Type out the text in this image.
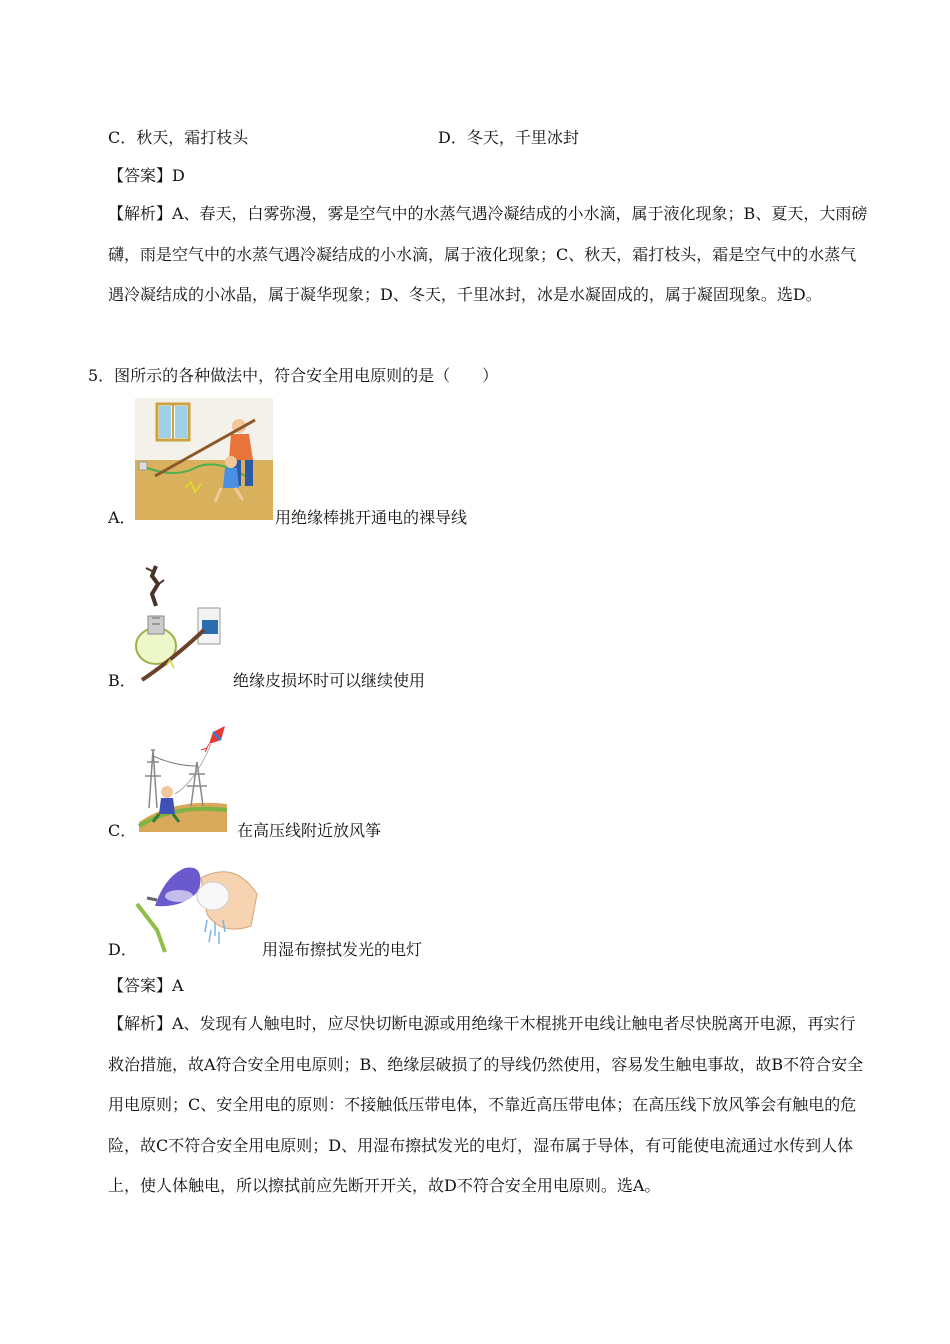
C．秋天，霜打枝头	D．冬天，千里冰封
【答案】D
【解析】A、春天，白雾弥漫，雾是空气中的水蒸气遇冷凝结成的小水滴，属于液化现象；B、夏天，大雨磅礴，雨是空气中的水蒸气遇冷凝结成的小水滴，属于液化现象；C、秋天，霜打枝头，霜是空气中的水蒸气遇冷凝结成的小冰晶，属于凝华现象；D、冬天，千里冰封，冰是水凝固成的，属于凝固现象。选D。
5．图所示的各种做法中，符合安全用电原则的是（　　）
A．	用绝缘棒挑开通电的裸导线
B．	绝缘皮损坏时可以继续使用
C．	在高压线附近放风筝
D．	用湿布擦拭发光的电灯
【答案】A
【解析】A、发现有人触电时，应尽快切断电源或用绝缘干木棍挑开电线让触电者尽快脱离开电源，再实行救治措施，故A符合安全用电原则；B、绝缘层破损了的导线仍然使用，容易发生触电事故，故B不符合安全用电原则；C、安全用电的原则：不接触低压带电体，不靠近高压带电体；在高压线下放风筝会有触电的危险，故C不符合安全用电原则；D、用湿布擦拭发光的电灯，湿布属于导体，有可能使电流通过水传到人体上，使人体触电，所以擦拭前应先断开开关，故D不符合安全用电原则。选A。
